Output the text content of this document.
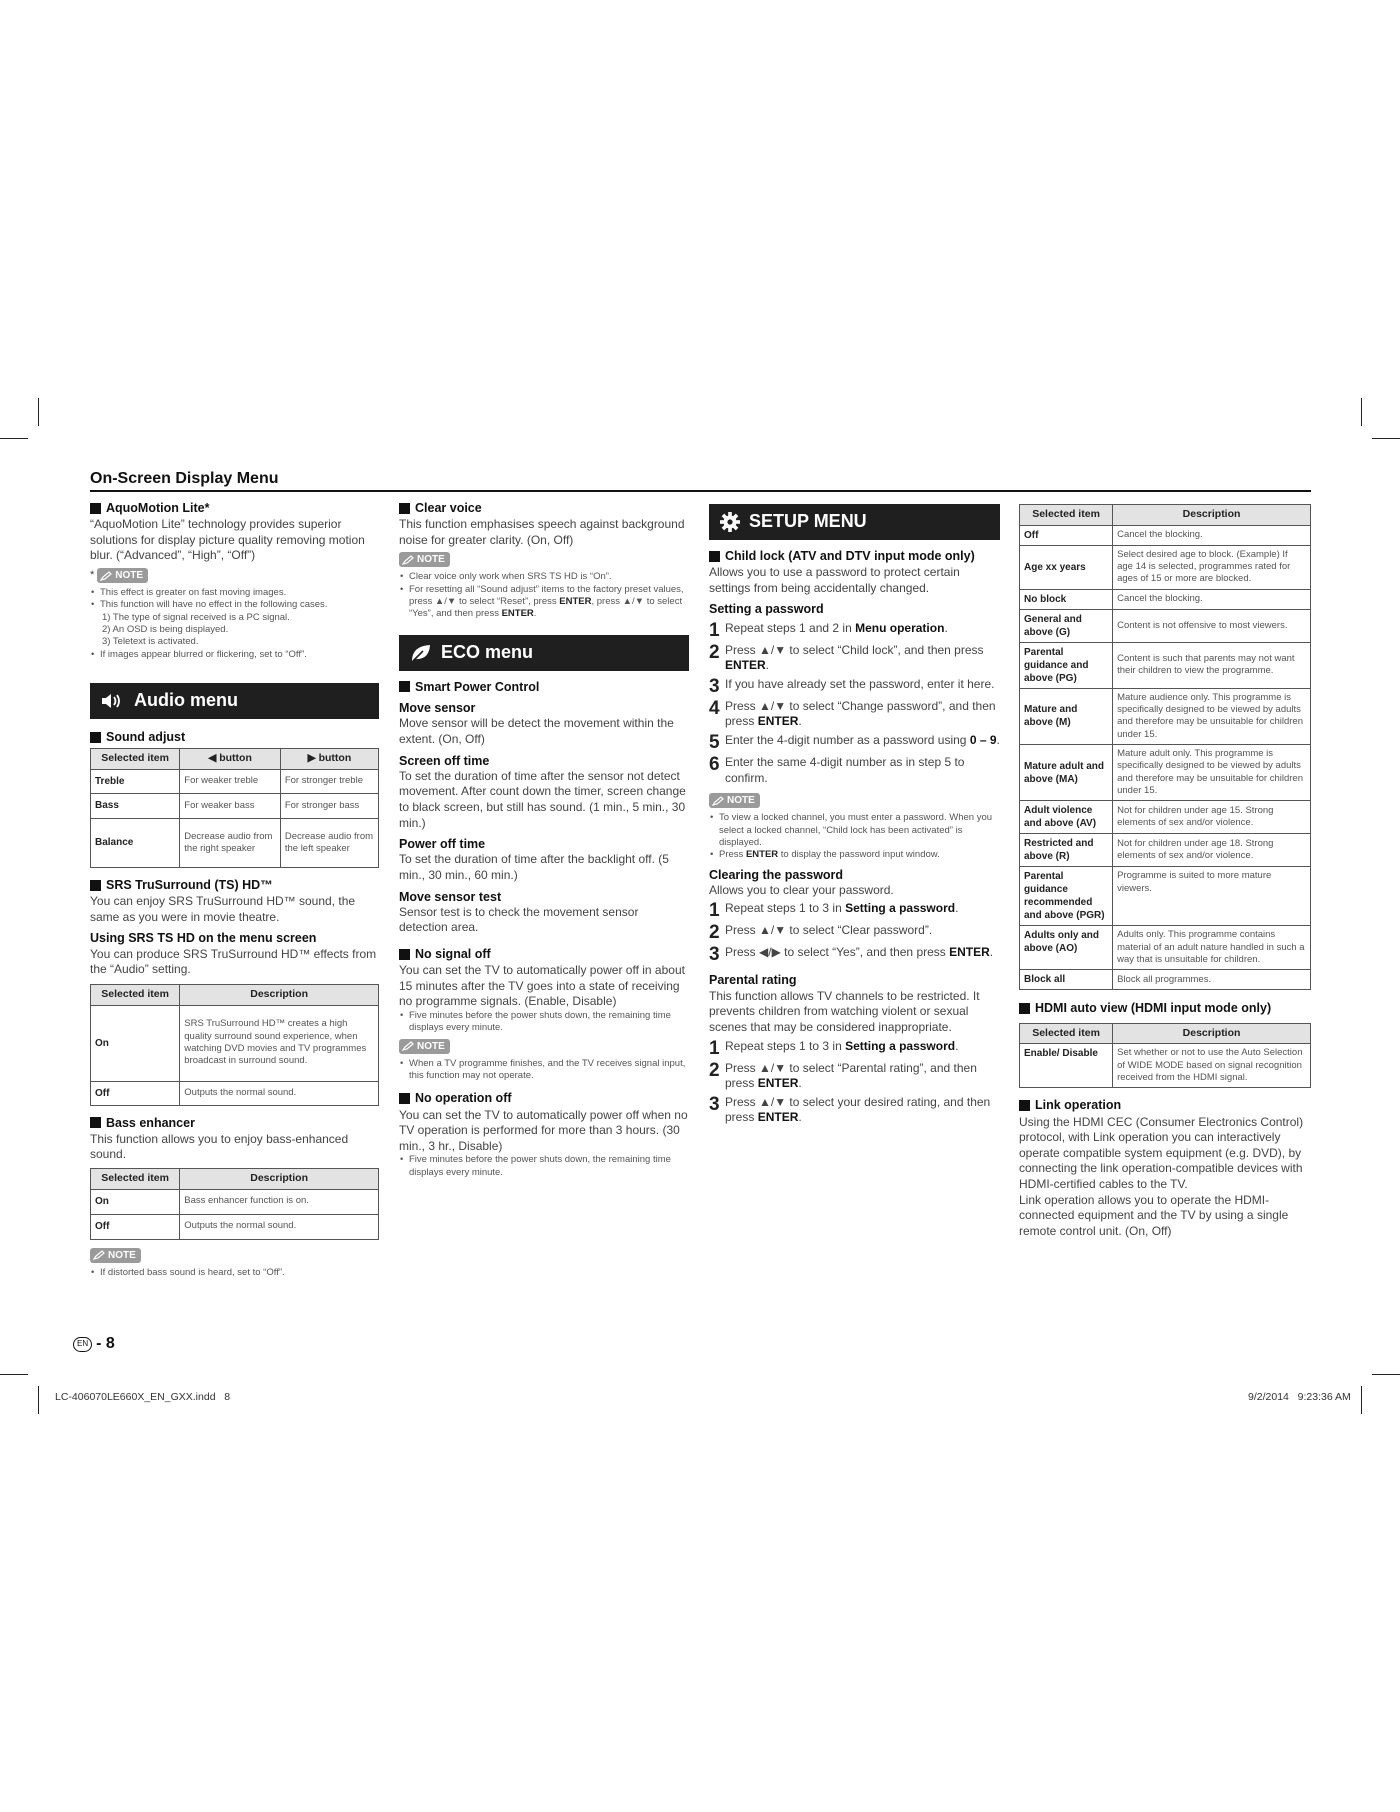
On-Screen Display Menu
AquoMotion Lite*
“AquoMotion Lite” technology provides superior solutions for display picture quality removing motion blur. (“Advanced”, “High”, “Off”)
* NOTE
• This effect is greater on fast moving images.
• This function will have no effect in the following cases.
1) The type of signal received is a PC signal.
2) An OSD is being displayed.
3) Teletext is activated.
• If images appear blurred or flickering, set to “Off”.
Audio menu
Sound adjust
Selected item	◀ button	▶ button
Treble	For weaker treble	For stronger treble
Bass	For weaker bass	For stronger bass
Balance	Decrease audio from the right speaker	Decrease audio from the left speaker
SRS TruSurround (TS) HD™
You can enjoy SRS TruSurround HD™ sound, the same as you were in movie theatre.
Using SRS TS HD on the menu screen
You can produce SRS TruSurround HD™ effects from the “Audio” setting.
Selected item	Description
On	SRS TruSurround HD™ creates a high quality surround sound experience, when watching DVD movies and TV programmes broadcast in surround sound.
Off	Outputs the normal sound.
Bass enhancer
This function allows you to enjoy bass-enhanced sound.
Selected item	Description
On	Bass enhancer function is on.
Off	Outputs the normal sound.
NOTE
• If distorted bass sound is heard, set to “Off”.
Clear voice
This function emphasises speech against background noise for greater clarity. (On, Off)
NOTE
• Clear voice only work when SRS TS HD is “On”.
• For resetting all “Sound adjust” items to the factory preset values, press ▲/▼ to select “Reset”, press ENTER, press ▲/▼ to select “Yes”, and then press ENTER.
ECO menu
Smart Power Control
Move sensor
Move sensor will be detect the movement within the extent. (On, Off)
Screen off time
To set the duration of time after the sensor not detect movement. After count down the timer, screen change to black screen, but still has sound. (1 min., 5 min., 30 min.)
Power off time
To set the duration of time after the backlight off. (5 min., 30 min., 60 min.)
Move sensor test
Sensor test is to check the movement sensor detection area.
No signal off
You can set the TV to automatically power off in about 15 minutes after the TV goes into a state of receiving no programme signals. (Enable, Disable)
• Five minutes before the power shuts down, the remaining time displays every minute.
NOTE
• When a TV programme finishes, and the TV receives signal input, this function may not operate.
No operation off
You can set the TV to automatically power off when no TV operation is performed for more than 3 hours. (30 min., 3 hr., Disable)
• Five minutes before the power shuts down, the remaining time displays every minute.
SETUP MENU
Child lock (ATV and DTV input mode only)
Allows you to use a password to protect certain settings from being accidentally changed.
Setting a password
1 Repeat steps 1 and 2 in Menu operation.
2 Press ▲/▼ to select “Child lock”, and then press ENTER.
3 If you have already set the password, enter it here.
4 Press ▲/▼ to select “Change password”, and then press ENTER.
5 Enter the 4-digit number as a password using 0 – 9.
6 Enter the same 4-digit number as in step 5 to confirm.
NOTE
• To view a locked channel, you must enter a password. When you select a locked channel, “Child lock has been activated” is displayed.
• Press ENTER to display the password input window.
Clearing the password
Allows you to clear your password.
1 Repeat steps 1 to 3 in Setting a password.
2 Press ▲/▼ to select “Clear password”.
3 Press ◀/▶ to select “Yes”, and then press ENTER.
Parental rating
This function allows TV channels to be restricted. It prevents children from watching violent or sexual scenes that may be considered inappropriate.
1 Repeat steps 1 to 3 in Setting a password.
2 Press ▲/▼ to select “Parental rating”, and then press ENTER.
3 Press ▲/▼ to select your desired rating, and then press ENTER.
Selected item	Description
Off	Cancel the blocking.
Age xx years	Select desired age to block. (Example) If age 14 is selected, programmes rated for ages of 15 or more are blocked.
No block	Cancel the blocking.
General and above (G)	Content is not offensive to most viewers.
Parental guidance and above (PG)	Content is such that parents may not want their children to view the programme.
Mature and above (M)	Mature audience only. This programme is specifically designed to be viewed by adults and therefore may be unsuitable for children under 15.
Mature adult and above (MA)	Mature adult only. This programme is specifically designed to be viewed by adults and therefore may be unsuitable for children under 15.
Adult violence and above (AV)	Not for children under age 15. Strong elements of sex and/or violence.
Restricted and above (R)	Not for children under age 18. Strong elements of sex and/or violence.
Parental guidance recommended and above (PGR)	Programme is suited to more mature viewers.
Adults only and above (AO)	Adults only. This programme contains material of an adult nature handled in such a way that is unsuitable for children.
Block all	Block all programmes.
HDMI auto view (HDMI input mode only)
Selected item	Description
Enable/ Disable	Set whether or not to use the Auto Selection of WIDE MODE based on signal recognition received from the HDMI signal.
Link operation
Using the HDMI CEC (Consumer Electronics Control) protocol, with Link operation you can interactively operate compatible system equipment (e.g. DVD), by connecting the link operation-compatible devices with HDMI-certified cables to the TV.
Link operation allows you to operate the HDMI-connected equipment and the TV by using a single remote control unit. (On, Off)
EN - 8
LC-406070LE660X_EN_GXX.indd   8	9/2/2014   9:23:36 AM
